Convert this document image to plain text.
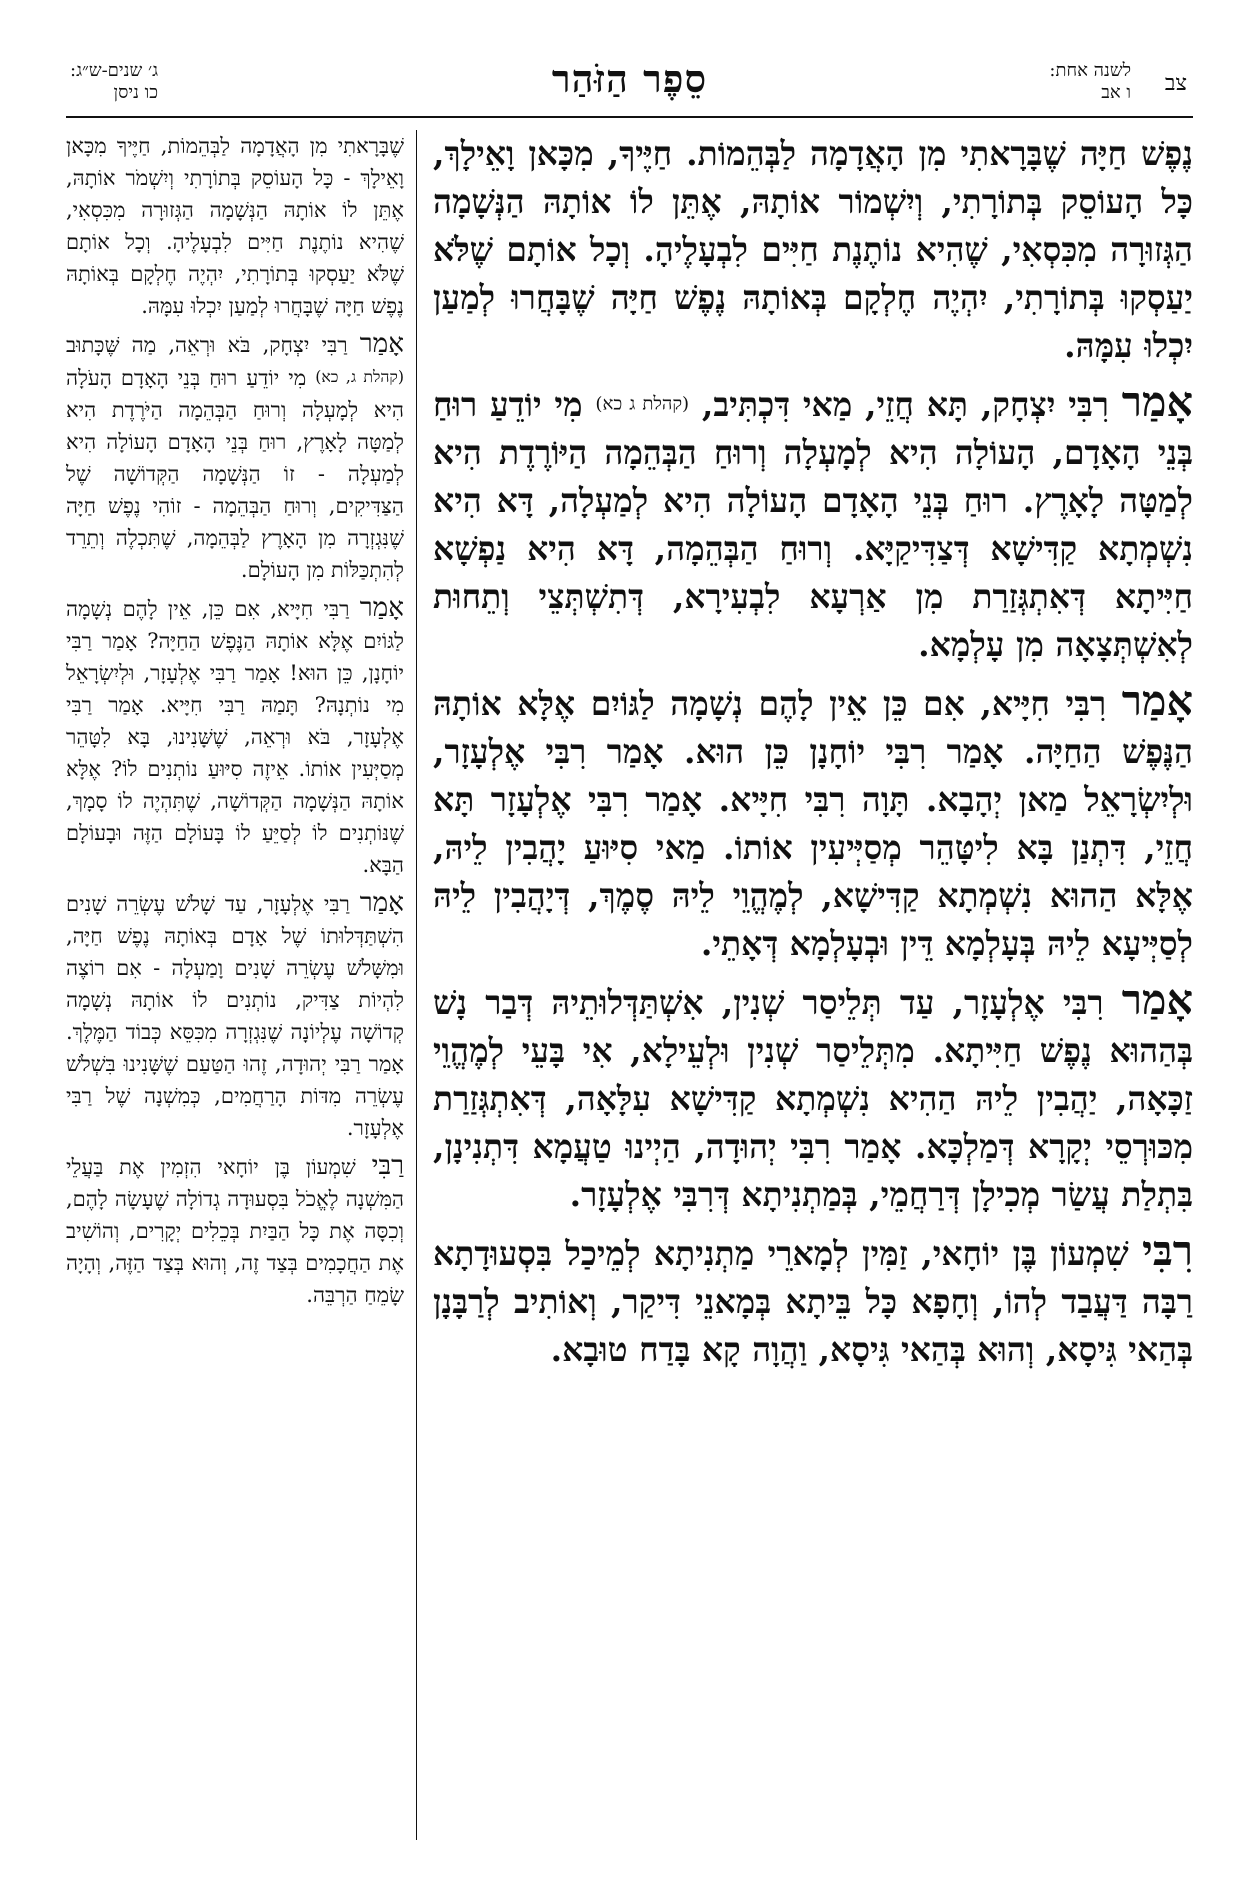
צב
לשנה אחת:
ו אב
סֵפֶר הַזֹּהַר
ג׳ שנים-ש״ג:
כו ניסן

נֶפֶשׁ חַיָּה שֶׁבָּרָאתִי מִן הָאֲדָמָה לַבְּהֵמוֹת. חַיֶּיךָ, מִכָּאן וָאֵילָךְ, כָּל הָעוֹסֵק בְּתוֹרָתִי, וְיִשְׁמוֹר אוֹתָהּ, אֶתֵּן לוֹ אוֹתָהּ הַנְּשָׁמָה הַגְּזוּרָה מִכִּסְאִי, שֶׁהִיא נוֹתֶנֶת חַיִּים לִבְעָלֶיהָ. וְכָל אוֹתָם שֶׁלֹּא יַעַסְקוּ בְּתוֹרָתִי, יִהְיֶה חֶלְקָם בְּאוֹתָהּ נֶפֶשׁ חַיָּה שֶׁבָּחֲרוּ לְמַעַן יִכְלוּ עִמָּהּ.

אָמַר רִבִּי יִצְחָק, תָּא חֲזֵי, מַאי דִּכְתִּיב, (קהלת ג כא) מִי יוֹדֵעַ רוּחַ בְּנֵי הָאָדָם, הָעוֹלָה הִיא לְמָעְלָה וְרוּחַ הַבְּהֵמָה הַיּוֹרֶדֶת הִיא לְמַטָּה לָאָרֶץ. רוּחַ בְּנֵי הָאָדָם הָעוֹלָה הִיא לְמַעְלָה, דָּא הִיא נִשְׁמְתָא קַדִּישָׁא דְּצַדִּיקַיָּא. וְרוּחַ הַבְּהֵמָה, דָּא הִיא נַפְשָׁא חַיִּיתָא דְּאִתְגְּזַרַת מִן אַרְעָא לִבְעִירָא, דְּתִשְׁתְּצֵי וְתֵחוּת לְאִשְׁתְּצָאָה מִן עָלְמָא.

אָמַר רִבִּי חִיָּיא, אִם כֵּן אֵין לָהֶם נְשָׁמָה לַגּוֹיִם אֶלָּא אוֹתָהּ הַנֶּפֶשׁ הַחַיָּה. אָמַר רִבִּי יוֹחָנָן כֵּן הוּא. אָמַר רִבִּי אֶלְעָזָר, וּלְיִשְׂרָאֵל מַאן יְהָבָא. תָּוָה רִבִּי חִיָּיא. אָמַר רִבִּי אֶלְעָזָר תָּא חֲזֵי, דִּתְנַן בָּא לִיטָּהֵר מְסַיְּיעִין אוֹתוֹ. מַאי סִיּוּעַ יָהֲבִין לֵיהּ, אֶלָּא הַהוּא נִשְׁמְתָא קַדִּישָׁא, לְמֶהֱוֵי לֵיהּ סֶמֶךְ, דְּיָהֲבִין לֵיהּ לְסַיְּיעָא לֵיהּ בְּעָלְמָא דֵּין וּבְעָלְמָא דְּאָתֵי.

אָמַר רִבִּי אֶלְעָזָר, עַד תְּלֵיסַר שְׁנִין, אִשְׁתַּדְּלוּתֵיהּ דְּבַר נָשׁ בְּהַהוּא נֶפֶשׁ חַיִּיתָא. מִתְּלֵיסַר שְׁנִין וּלְעֵילָא, אִי בָּעֵי לְמֶהֱוֵי זַכָּאָה, יַהֲבִין לֵיהּ הַהִיא נִשְׁמְתָא קַדִּישָׁא עִלָּאָה, דְּאִתְגְּזַרַת מִכּוּרְסֵי יְקָרָא דְּמַלְכָּא. אָמַר רִבִּי יְהוּדָה, הַיְינוּ טַעֲמָא דִּתְנִינָן, בִּתְלַת עֲשַׂר מְכִילָן דְּרַחֲמֵי, בְּמַתְנִיתָא דְּרִבִּי אֶלְעָזָר.

רִבִּי שִׁמְעוֹן בֶּן יוֹחָאי, זַמִּין לְמָארֵי מַתְנִיתָא לְמֵיכַל בִּסְעוּדָתָא רַבָּה דַּעֲבַד לְהוֹ, וְחָפָא כָּל בֵּיתָא בְּמָאנֵי דִּיקַר, וְאוֹתִיב לְרַבָּנָן בְּהַאי גִּיסָא, וְהוּא בְּהַאי גִּיסָא, וַהֲוָה קָא בָּדַח טוּבָא.

שֶׁבָּרָאתִי מִן הָאֲדָמָה לַבְּהֵמוֹת, חַיֶּיךָ מִכָּאן וָאֵילָךְ - כָּל הָעוֹסֵק בְּתוֹרָתִי וְיִשְׁמֹר אוֹתָהּ, אֶתֵּן לוֹ אוֹתָהּ הַנְּשָׁמָה הַגְּזוּרָה מִכִּסְאִי, שֶׁהִיא נוֹתֶנֶת חַיִּים לִבְעָלֶיהָ. וְכָל אוֹתָם שֶׁלֹּא יַעַסְקוּ בְּתוֹרָתִי, יִהְיֶה חֶלְקָם בְּאוֹתָהּ נֶפֶשׁ חַיָּה שֶׁבָּחֲרוּ לְמַעַן יִכְלוּ עִמָּהּ.

אָמַר רַבִּי יִצְחָק, בֹּא וּרְאֵה, מַה שֶּׁכָּתוּב (קהלת ג, כא) מִי יוֹדֵעַ רוּחַ בְּנֵי הָאָדָם הָעֹלָה הִיא לְמָעְלָה וְרוּחַ הַבְּהֵמָה הַיֹּרֶדֶת הִיא לְמַטָּה לָאָרֶץ, רוּחַ בְּנֵי הָאָדָם הָעוֹלָה הִיא לְמַעְלָה - זוֹ הַנְּשָׁמָה הַקְּדוֹשָׁה שֶׁל הַצַּדִּיקִים, וְרוּחַ הַבְּהֵמָה - זוֹהִי נֶפֶשׁ חַיָּה שֶׁנִּגְזְרָה מִן הָאָרֶץ לַבְּהֵמָה, שֶׁתִּכְלֶה וְתֵרֵד לְהִתְכַּלּוֹת מִן הָעוֹלָם.

אָמַר רַבִּי חִיָּיא, אִם כֵּן, אֵין לָהֶם נְשָׁמָה לַגּוֹיִם אֶלָּא אוֹתָהּ הַנֶּפֶשׁ הַחַיָּה? אָמַר רַבִּי יוֹחָנָן, כֵּן הוּא! אָמַר רַבִּי אֶלְעָזָר, וּלְיִשְׂרָאֵל מִי נוֹתְנָהּ? תָּמַהּ רַבִּי חִיָּיא. אָמַר רַבִּי אֶלְעָזָר, בֹּא וּרְאֵה, שֶׁשָּׁנִינוּ, בָּא לִטָּהֵר מְסַיְּעִין אוֹתוֹ. אֵיזֶה סִיּוּעַ נוֹתְנִים לוֹ? אֶלָּא אוֹתָהּ הַנְּשָׁמָה הַקְּדוֹשָׁה, שֶׁתִּהְיֶה לוֹ סָמָךְ, שֶׁנּוֹתְנִים לוֹ לְסַיֵּעַ לוֹ בָּעוֹלָם הַזֶּה וּבָעוֹלָם הַבָּא.

אָמַר רַבִּי אֶלְעָזָר, עַד שָׁלֹשׁ עֶשְׂרֵה שָׁנִים הִשְׁתַּדְּלוּתוֹ שֶׁל אָדָם בְּאוֹתָהּ נֶפֶשׁ חַיָּה, וּמִשָּׁלֹשׁ עֶשְׂרֵה שָׁנִים וָמַעְלָה - אִם רוֹצֶה לִהְיוֹת צַדִּיק, נוֹתְנִים לוֹ אוֹתָהּ נְשָׁמָה קְדוֹשָׁה עֶלְיוֹנָה שֶׁנִּגְזְרָה מִכִּסֵּא כְּבוֹד הַמֶּלֶךְ. אָמַר רַבִּי יְהוּדָה, זֶהוּ הַטַּעַם שֶׁשָּׁנִינוּ בִּשְׁלֹשׁ עֶשְׂרֵה מִדּוֹת הָרַחֲמִים, כְּמִשְׁנָה שֶׁל רַבִּי אֶלְעָזָר.

רַבִּי שִׁמְעוֹן בֶּן יוֹחָאי הִזְמִין אֶת בַּעֲלֵי הַמִּשְׁנָה לֶאֱכֹל בִּסְעוּדָה גְדוֹלָה שֶׁעָשָׂה לָהֶם, וְכִסָּה אֶת כָּל הַבַּיִת בְּכֵלִים יְקָרִים, וְהוֹשִׁיב אֶת הַחֲכָמִים בְּצַד זֶה, וְהוּא בְּצַד הַזֶּה, וְהָיָה שָׂמֵחַ הַרְבֵּה.
